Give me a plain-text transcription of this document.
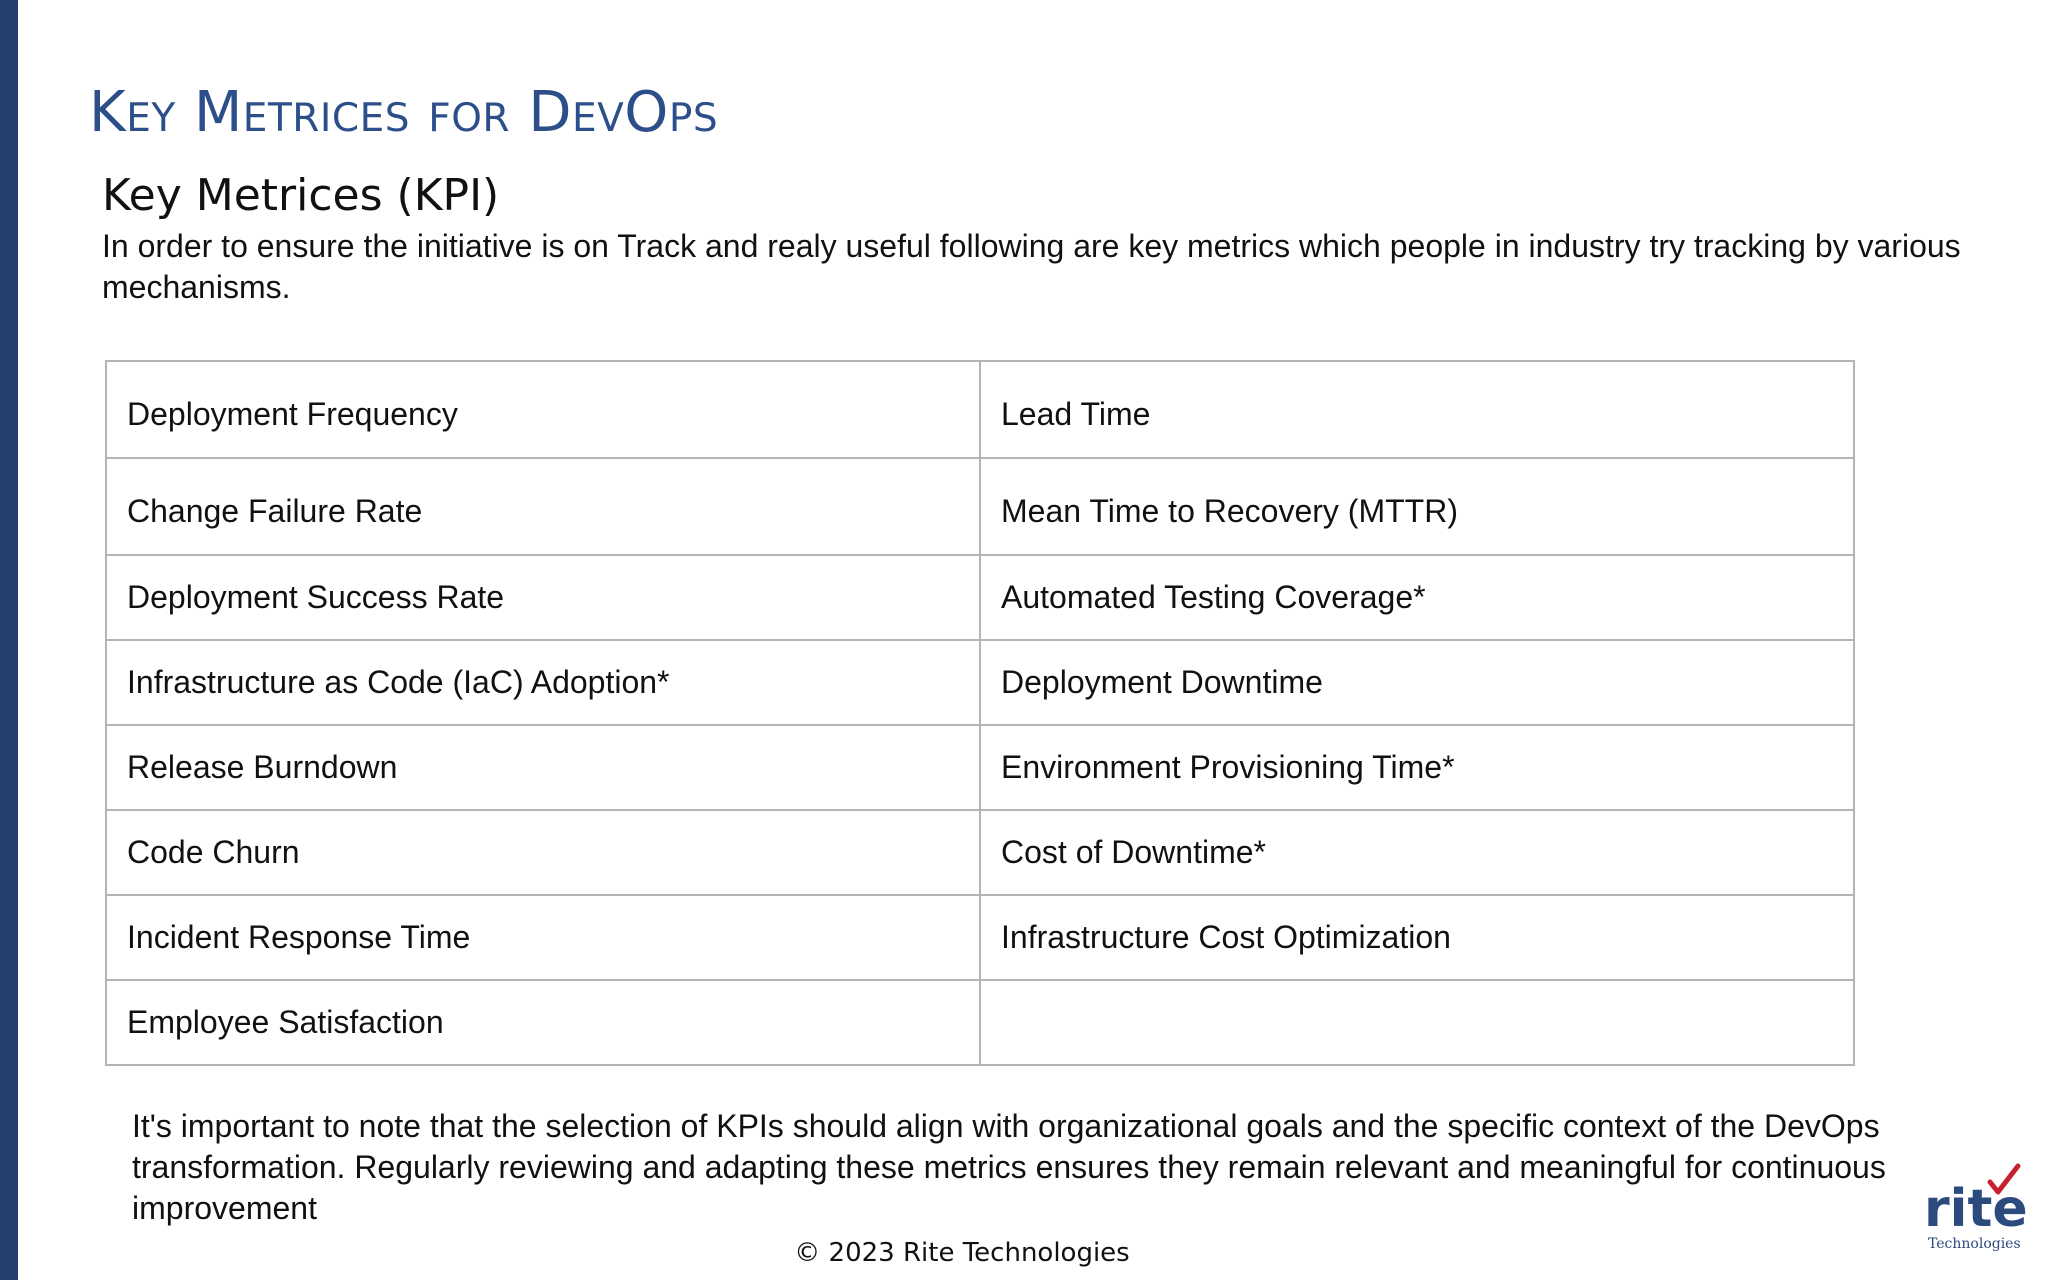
Key Metrices for DevOps
Key Metrices (KPI)

In order to ensure the initiative is on Track and realy useful following are key metrics which people in industry try tracking by various mechanisms.

Deployment Frequency	Lead Time
Change Failure Rate	Mean Time to Recovery (MTTR)
Deployment Success Rate	Automated Testing Coverage*
Infrastructure as Code (IaC) Adoption*	Deployment Downtime
Release Burndown	Environment Provisioning Time*
Code Churn	Cost of Downtime*
Incident Response Time	Infrastructure Cost Optimization
Employee Satisfaction	

It's important to note that the selection of KPIs should align with organizational goals and the specific context of the DevOps transformation. Regularly reviewing and adapting these metrics ensures they remain relevant and meaningful for continuous improvement

© 2023 Rite Technologies
rite
Technologies
